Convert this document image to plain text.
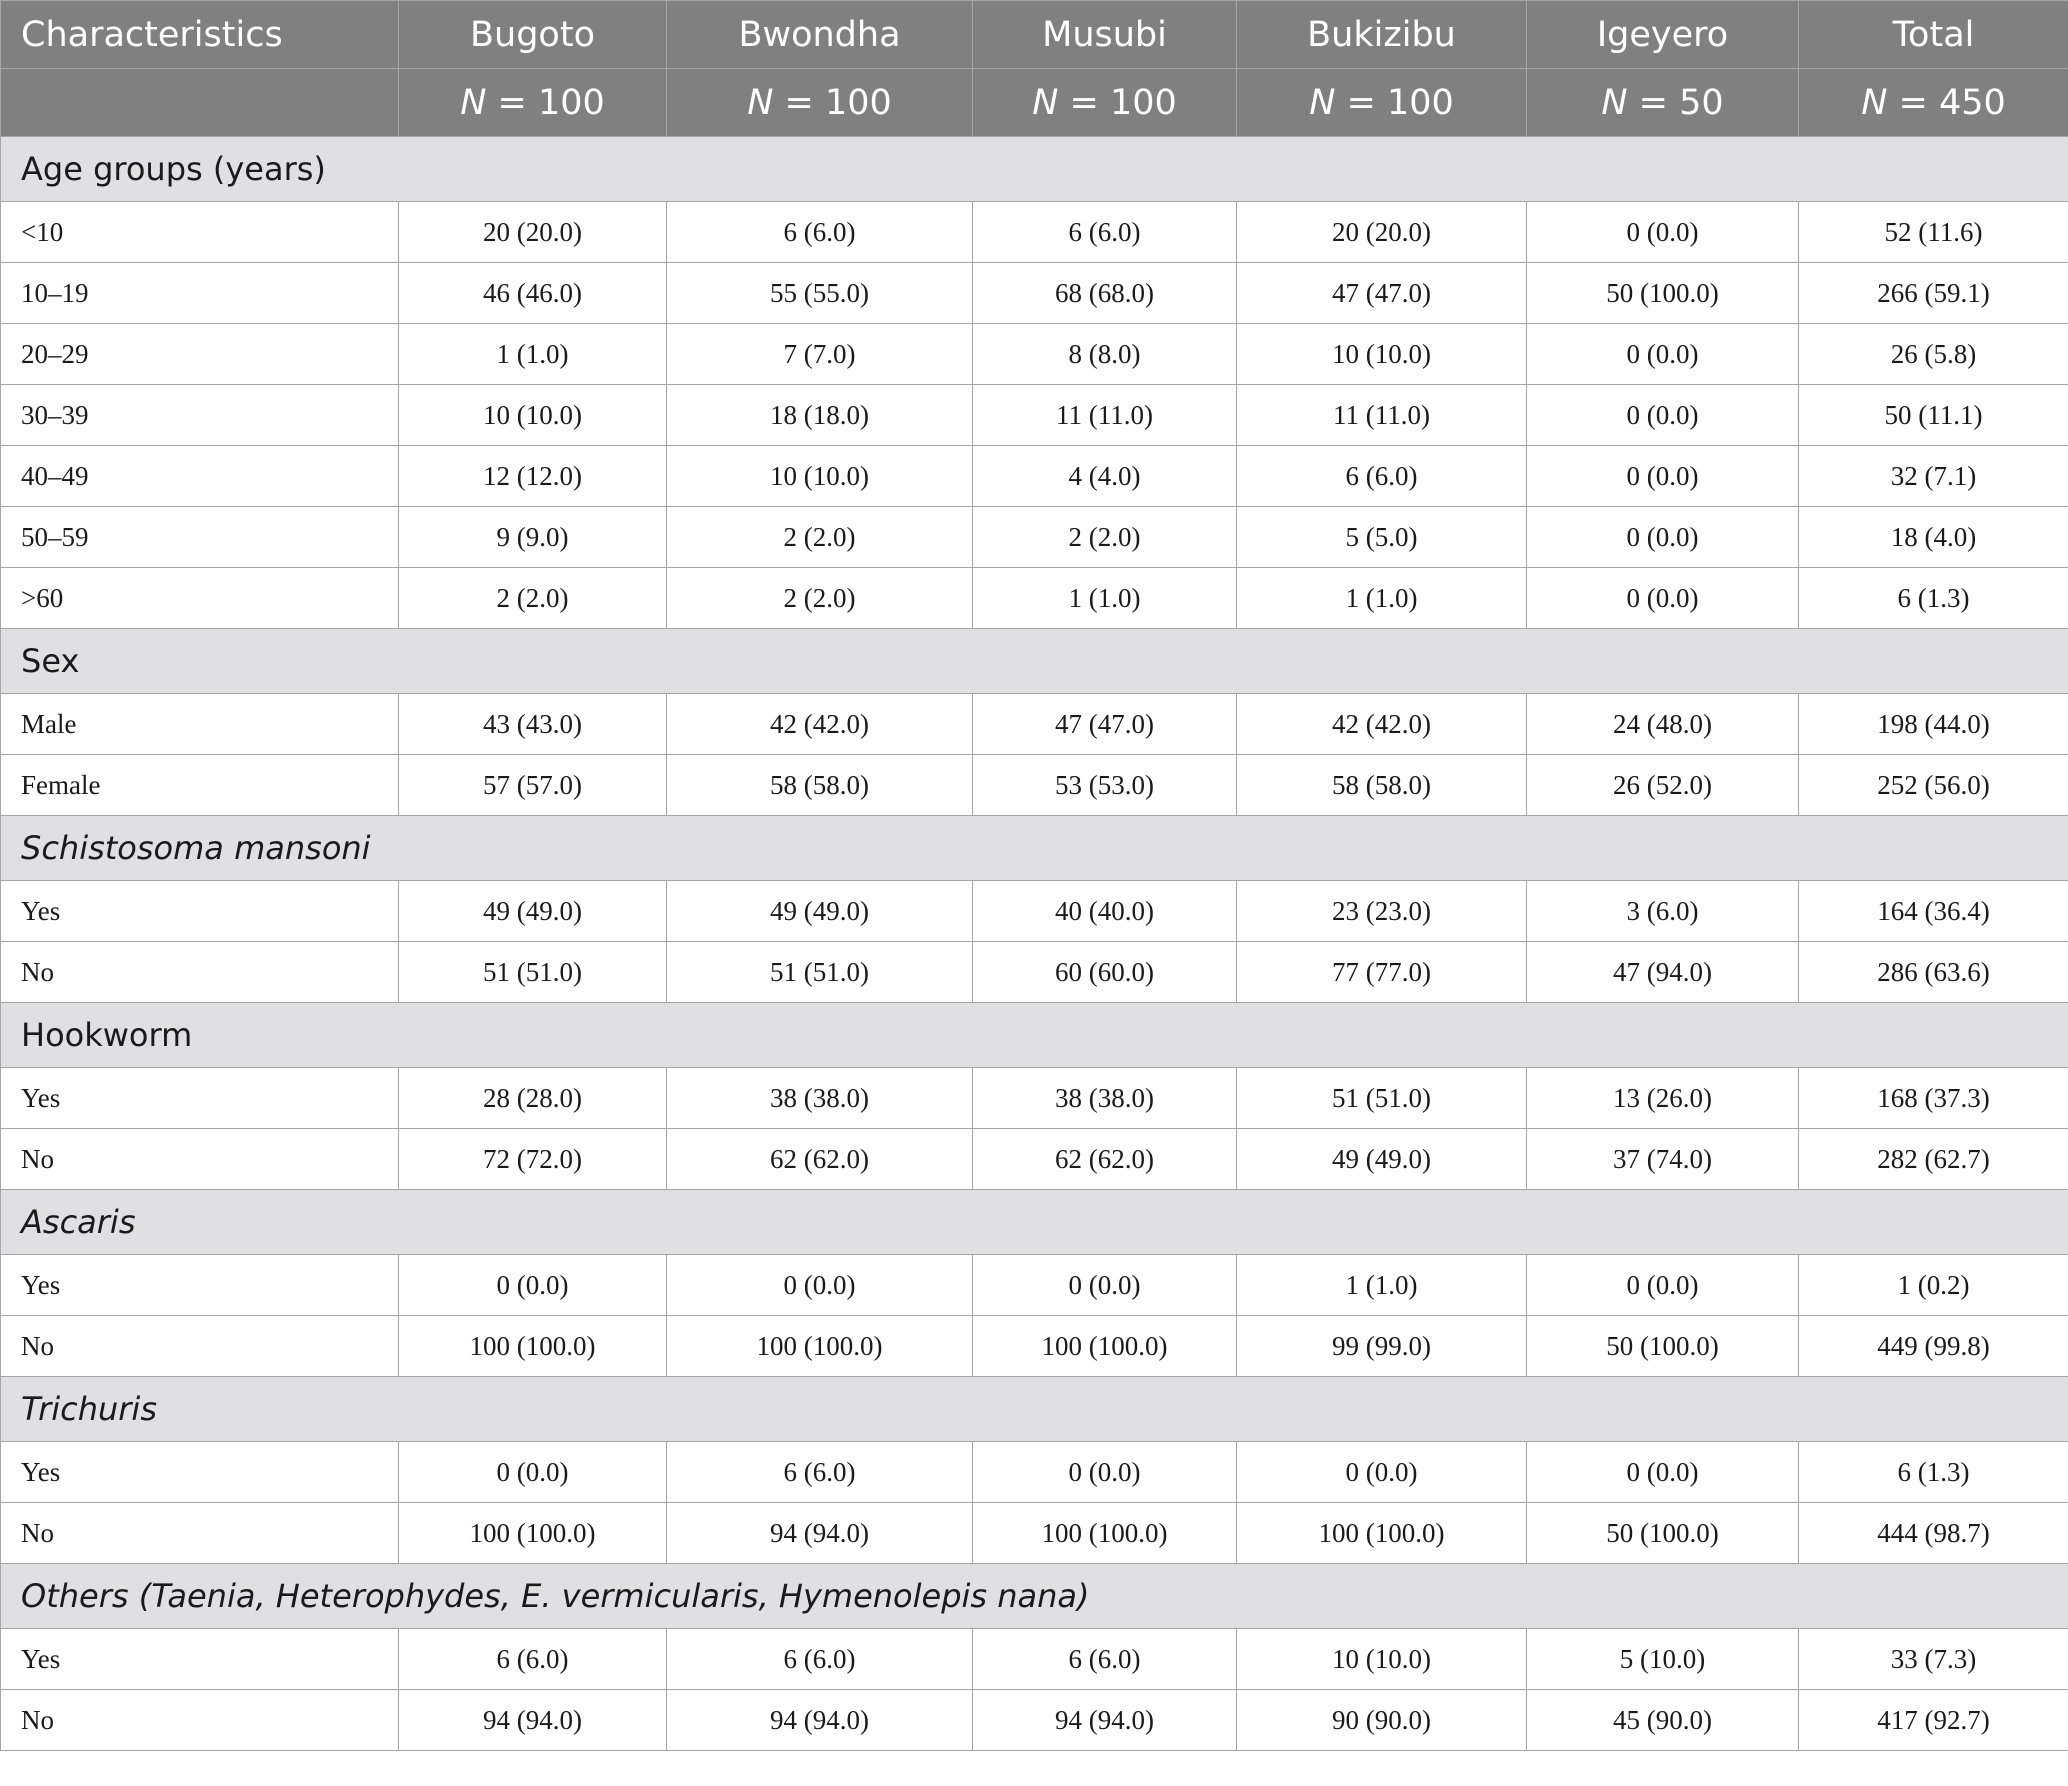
Characteristics	Bugoto	Bwondha	Musubi	Bukizibu	Igeyero	Total
	N = 100	N = 100	N = 100	N = 100	N = 50	N = 450
Age groups (years)						
<10	20 (20.0)	6 (6.0)	6 (6.0)	20 (20.0)	0 (0.0)	52 (11.6)
10–19	46 (46.0)	55 (55.0)	68 (68.0)	47 (47.0)	50 (100.0)	266 (59.1)
20–29	1 (1.0)	7 (7.0)	8 (8.0)	10 (10.0)	0 (0.0)	26 (5.8)
30–39	10 (10.0)	18 (18.0)	11 (11.0)	11 (11.0)	0 (0.0)	50 (11.1)
40–49	12 (12.0)	10 (10.0)	4 (4.0)	6 (6.0)	0 (0.0)	32 (7.1)
50–59	9 (9.0)	2 (2.0)	2 (2.0)	5 (5.0)	0 (0.0)	18 (4.0)
>60	2 (2.0)	2 (2.0)	1 (1.0)	1 (1.0)	0 (0.0)	6 (1.3)
Sex						
Male	43 (43.0)	42 (42.0)	47 (47.0)	42 (42.0)	24 (48.0)	198 (44.0)
Female	57 (57.0)	58 (58.0)	53 (53.0)	58 (58.0)	26 (52.0)	252 (56.0)
Schistosoma mansoni						
Yes	49 (49.0)	49 (49.0)	40 (40.0)	23 (23.0)	3 (6.0)	164 (36.4)
No	51 (51.0)	51 (51.0)	60 (60.0)	77 (77.0)	47 (94.0)	286 (63.6)
Hookworm						
Yes	28 (28.0)	38 (38.0)	38 (38.0)	51 (51.0)	13 (26.0)	168 (37.3)
No	72 (72.0)	62 (62.0)	62 (62.0)	49 (49.0)	37 (74.0)	282 (62.7)
Ascaris						
Yes	0 (0.0)	0 (0.0)	0 (0.0)	1 (1.0)	0 (0.0)	1 (0.2)
No	100 (100.0)	100 (100.0)	100 (100.0)	99 (99.0)	50 (100.0)	449 (99.8)
Trichuris						
Yes	0 (0.0)	6 (6.0)	0 (0.0)	0 (0.0)	0 (0.0)	6 (1.3)
No	100 (100.0)	94 (94.0)	100 (100.0)	100 (100.0)	50 (100.0)	444 (98.7)
Others (Taenia, Heterophydes, E. vermicularis, Hymenolepis nana)						
Yes	6 (6.0)	6 (6.0)	6 (6.0)	10 (10.0)	5 (10.0)	33 (7.3)
No	94 (94.0)	94 (94.0)	94 (94.0)	90 (90.0)	45 (90.0)	417 (92.7)
